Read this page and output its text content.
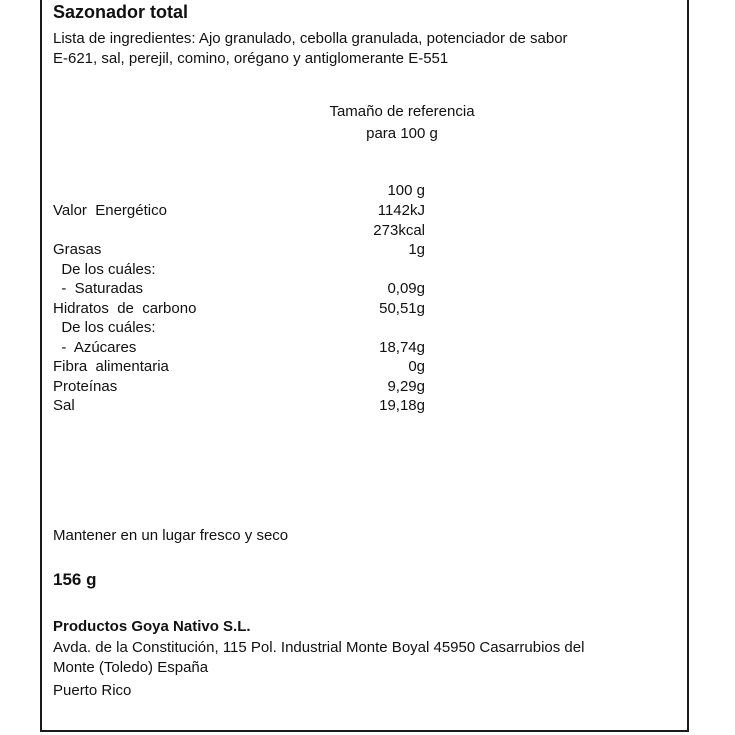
Sazonador total
Lista de ingredientes: Ajo granulado, cebolla granulada, potenciador de sabor
E-621, sal, perejil, comino, orégano y antiglomerante E-551
Tamaño de referencia
para 100 g
100 g
Valor  Energético	1142kJ
273kcal
Grasas	1g
De los cuáles:
-  Saturadas	0,09g
Hidratos  de  carbono	50,51g
De los cuáles:
-  Azúcares	18,74g
Fibra  alimentaria	0g
Proteínas	9,29g
Sal	19,18g
Mantener en un lugar fresco y seco
156 g
Productos Goya Nativo S.L.
Avda. de la Constitución, 115 Pol. Industrial Monte Boyal 45950 Casarrubios del
Monte (Toledo) España
Puerto Rico
